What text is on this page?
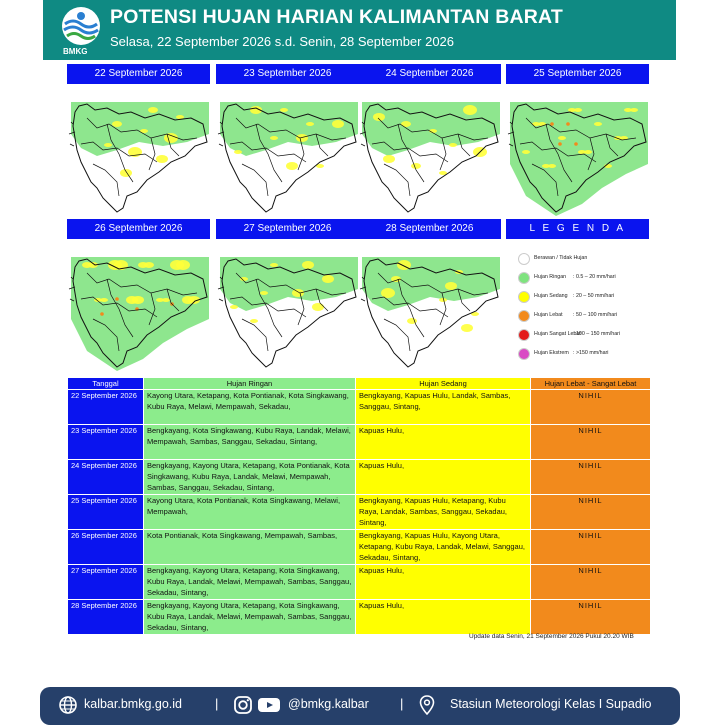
BMKG
POTENSI HUJAN HARIAN KALIMANTAN BARAT
Selasa, 22 September 2026 s.d. Senin, 28 September 2026
22 September 2026	23 September 2026	24 September 2026	25 September 2026
26 September 2026	27 September 2026	28 September 2026	L E G E N D A
Berawan / Tidak Hujan
Hujan Ringan : 0.5 – 20 mm/hari
Hujan Sedang : 20 – 50 mm/hari
Hujan Lebat : 50 – 100 mm/hari
Hujan Sangat Lebat
: 100 – 150 mm/hari
Hujan Ekstrem : >150 mm/hari
Tanggal	Hujan Ringan	Hujan Sedang	Hujan Lebat - Sangat Lebat
22 September 2026	Kayong Utara, Ketapang, Kota Pontianak, Kota Singkawang, Kubu Raya, Melawi, Mempawah, Sekadau,	Bengkayang, Kapuas Hulu, Landak, Sambas, Sanggau, Sintang,	NIHIL
23 September 2026	Bengkayang, Kota Singkawang, Kubu Raya, Landak, Melawi, Mempawah, Sambas, Sanggau, Sekadau, Sintang,	Kapuas Hulu,	NIHIL
24 September 2026	Bengkayang, Kayong Utara, Ketapang, Kota Pontianak, Kota Singkawang, Kubu Raya, Landak, Melawi, Mempawah, Sambas, Sanggau, Sekadau, Sintang,	Kapuas Hulu,	NIHIL
25 September 2026	Kayong Utara, Kota Pontianak, Kota Singkawang, Melawi, Mempawah,	Bengkayang, Kapuas Hulu, Ketapang, Kubu Raya, Landak, Sambas, Sanggau, Sekadau, Sintang,	NIHIL
26 September 2026	Kota Pontianak, Kota Singkawang, Mempawah, Sambas,	Bengkayang, Kapuas Hulu, Kayong Utara, Ketapang, Kubu Raya, Landak, Melawi, Sanggau, Sekadau, Sintang,	NIHIL
27 September 2026	Bengkayang, Kayong Utara, Ketapang, Kota Singkawang, Kubu Raya, Landak, Melawi, Mempawah, Sambas, Sanggau, Sekadau, Sintang,	Kapuas Hulu,	NIHIL
28 September 2026	Bengkayang, Kayong Utara, Ketapang, Kota Singkawang, Kubu Raya, Landak, Melawi, Mempawah, Sambas, Sanggau, Sekadau, Sintang,	Kapuas Hulu,	NIHIL
Update data Senin, 21 September 2026 Pukul 20.20 WIB
kalbar.bmkg.go.id	|	@bmkg.kalbar |	Stasiun Meteorologi Kelas I Supadio
